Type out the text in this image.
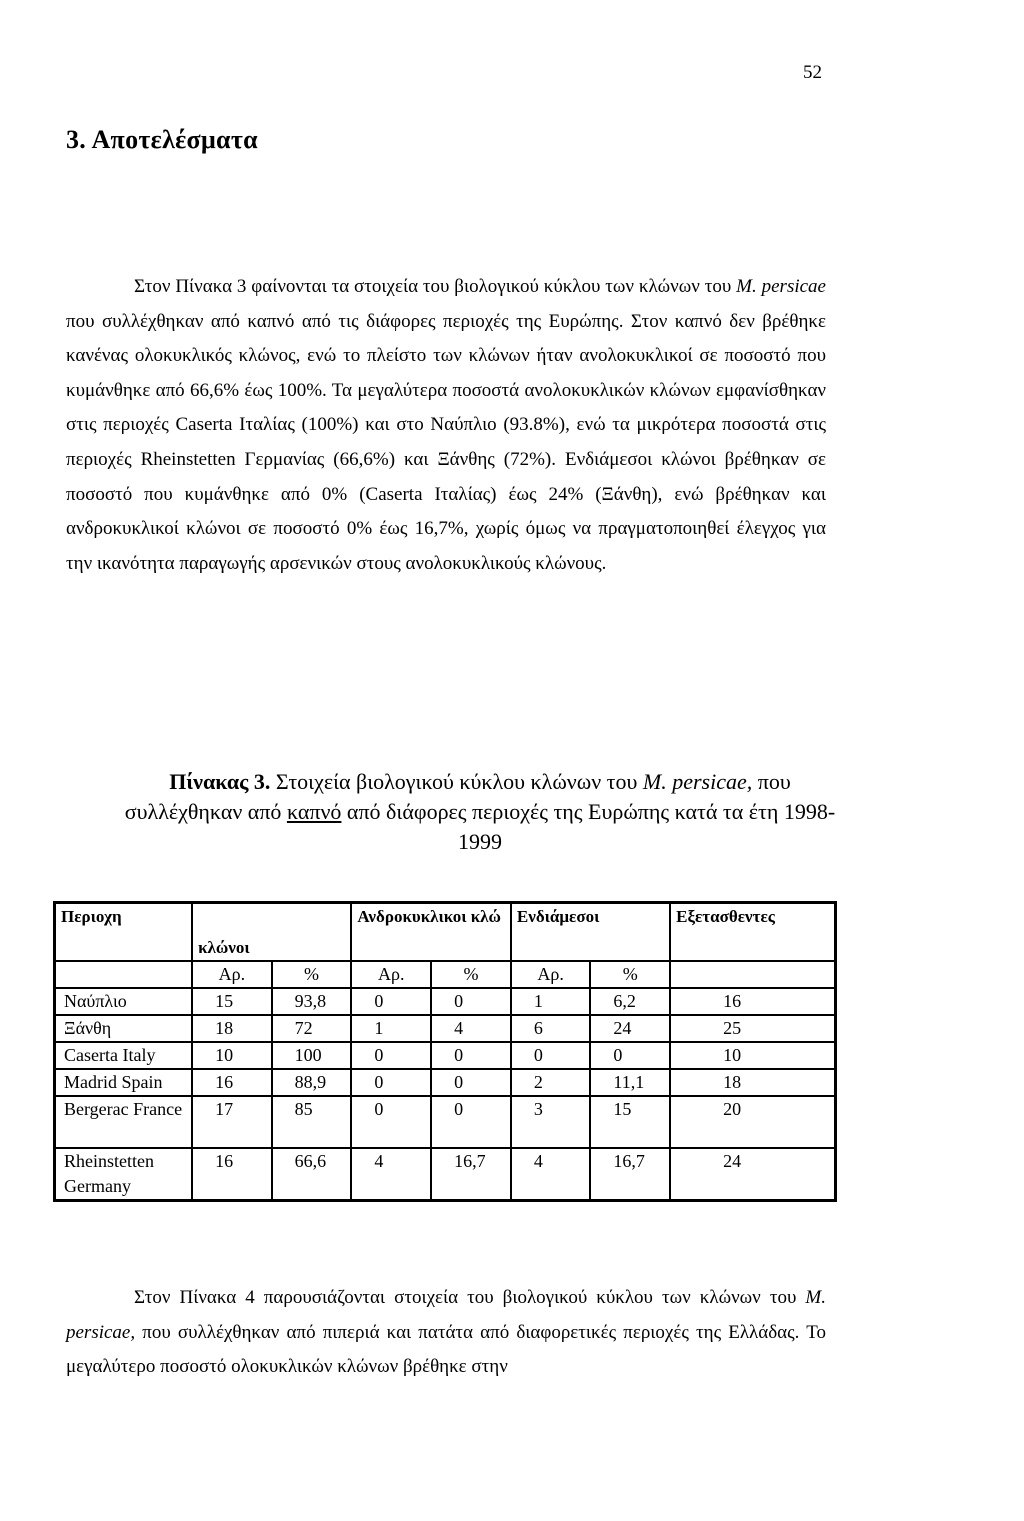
52
3. Αποτελέσματα

Στον Πίνακα 3 φαίνονται τα στοιχεία του βιολογικού κύκλου των κλώνων του M. persicae που συλλέχθηκαν από καπνό από τις διάφορες περιοχές της Ευρώπης. Στον καπνό δεν βρέθηκε κανένας ολοκυκλικός κλώνος, ενώ το πλείστο των κλώνων ήταν ανολοκυκλικοί σε ποσοστό που κυμάνθηκε από 66,6% έως 100%. Τα μεγαλύτερα ποσοστά ανολοκυκλικών κλώνων εμφανίσθηκαν στις περιοχές Caserta Ιταλίας (100%) και στο Ναύπλιο (93.8%), ενώ τα μικρότερα ποσοστά στις περιοχές Rheinstetten Γερμανίας (66,6%) και Ξάνθης (72%). Ενδιάμεσοι κλώνοι βρέθηκαν σε ποσοστό που κυμάνθηκε από 0% (Caserta Ιταλίας) έως 24% (Ξάνθη), ενώ βρέθηκαν και ανδροκυκλικοί κλώνοι σε ποσοστό 0% έως 16,7%, χωρίς όμως να πραγματοποιηθεί έλεγχος για την ικανότητα παραγωγής αρσενικών στους ανολοκυκλικούς κλώνους.

Πίνακας 3. Στοιχεία βιολογικού κύκλου κλώνων του M. persicae, που συλλέχθηκαν από καπνό από διάφορες περιοχές της Ευρώπης κατά τα έτη 1998-1999

Περιοχη	κλώνοι		Ανδροκυκλικοι κλώ		Ενδιάμεσοι		Εξετασθεντες
	Αρ.	%	Αρ.	%	Αρ.	%	
Ναύπλιο	15	93,8	0	0	1	6,2	16
Ξάνθη	18	72	1	4	6	24	25
Caserta Italy	10	100	0	0	0	0	10
Madrid Spain	16	88,9	0	0	2	11,1	18
Bergerac France	17	85	0	0	3	15	20
Rheinstetten Germany	16	66,6	4	16,7	4	16,7	24

Στον Πίνακα 4 παρουσιάζονται στοιχεία του βιολογικού κύκλου των κλώνων του M. persicae, που συλλέχθηκαν από πιπεριά και πατάτα από διαφορετικές περιοχές της Ελλάδας. Το μεγαλύτερο ποσοστό ολοκυκλικών κλώνων βρέθηκε στην
